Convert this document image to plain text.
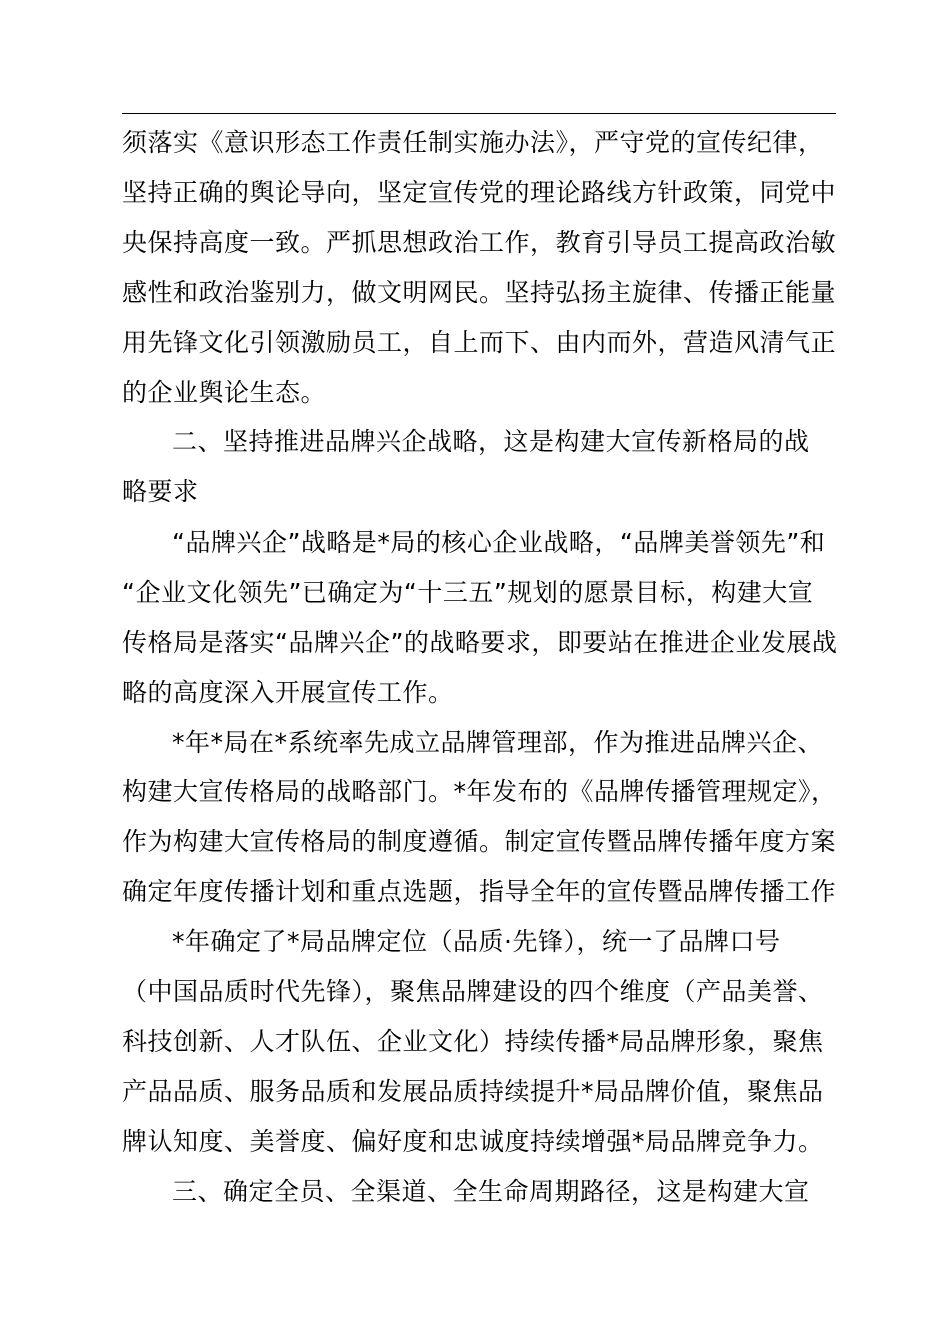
须落实《意识形态工作责任制实施办法》，严守党的宣传纪律，
坚持正确的舆论导向，坚定宣传党的理论路线方针政策，同党中
央保持高度一致。严抓思想政治工作，教育引导员工提高政治敏
感性和政治鉴别力，做文明网民。坚持弘扬主旋律、传播正能量
用先锋文化引领激励员工，自上而下、由内而外，营造风清气正
的企业舆论生态。
二、坚持推进品牌兴企战略，这是构建大宣传新格局的战
略要求
“品牌兴企”战略是*局的核心企业战略，“品牌美誉领先”和
“企业文化领先”已确定为“十三五”规划的愿景目标，构建大宣
传格局是落实“品牌兴企”的战略要求，即要站在推进企业发展战
略的高度深入开展宣传工作。
*年*局在*系统率先成立品牌管理部，作为推进品牌兴企、
构建大宣传格局的战略部门。*年发布的《品牌传播管理规定》，
作为构建大宣传格局的制度遵循。制定宣传暨品牌传播年度方案
确定年度传播计划和重点选题，指导全年的宣传暨品牌传播工作
*年确定了*局品牌定位（品质·先锋），统一了品牌口号
（中国品质时代先锋），聚焦品牌建设的四个维度（产品美誉、
科技创新、人才队伍、企业文化）持续传播*局品牌形象，聚焦
产品品质、服务品质和发展品质持续提升*局品牌价值，聚焦品
牌认知度、美誉度、偏好度和忠诚度持续增强*局品牌竞争力。
三、确定全员、全渠道、全生命周期路径，这是构建大宣
